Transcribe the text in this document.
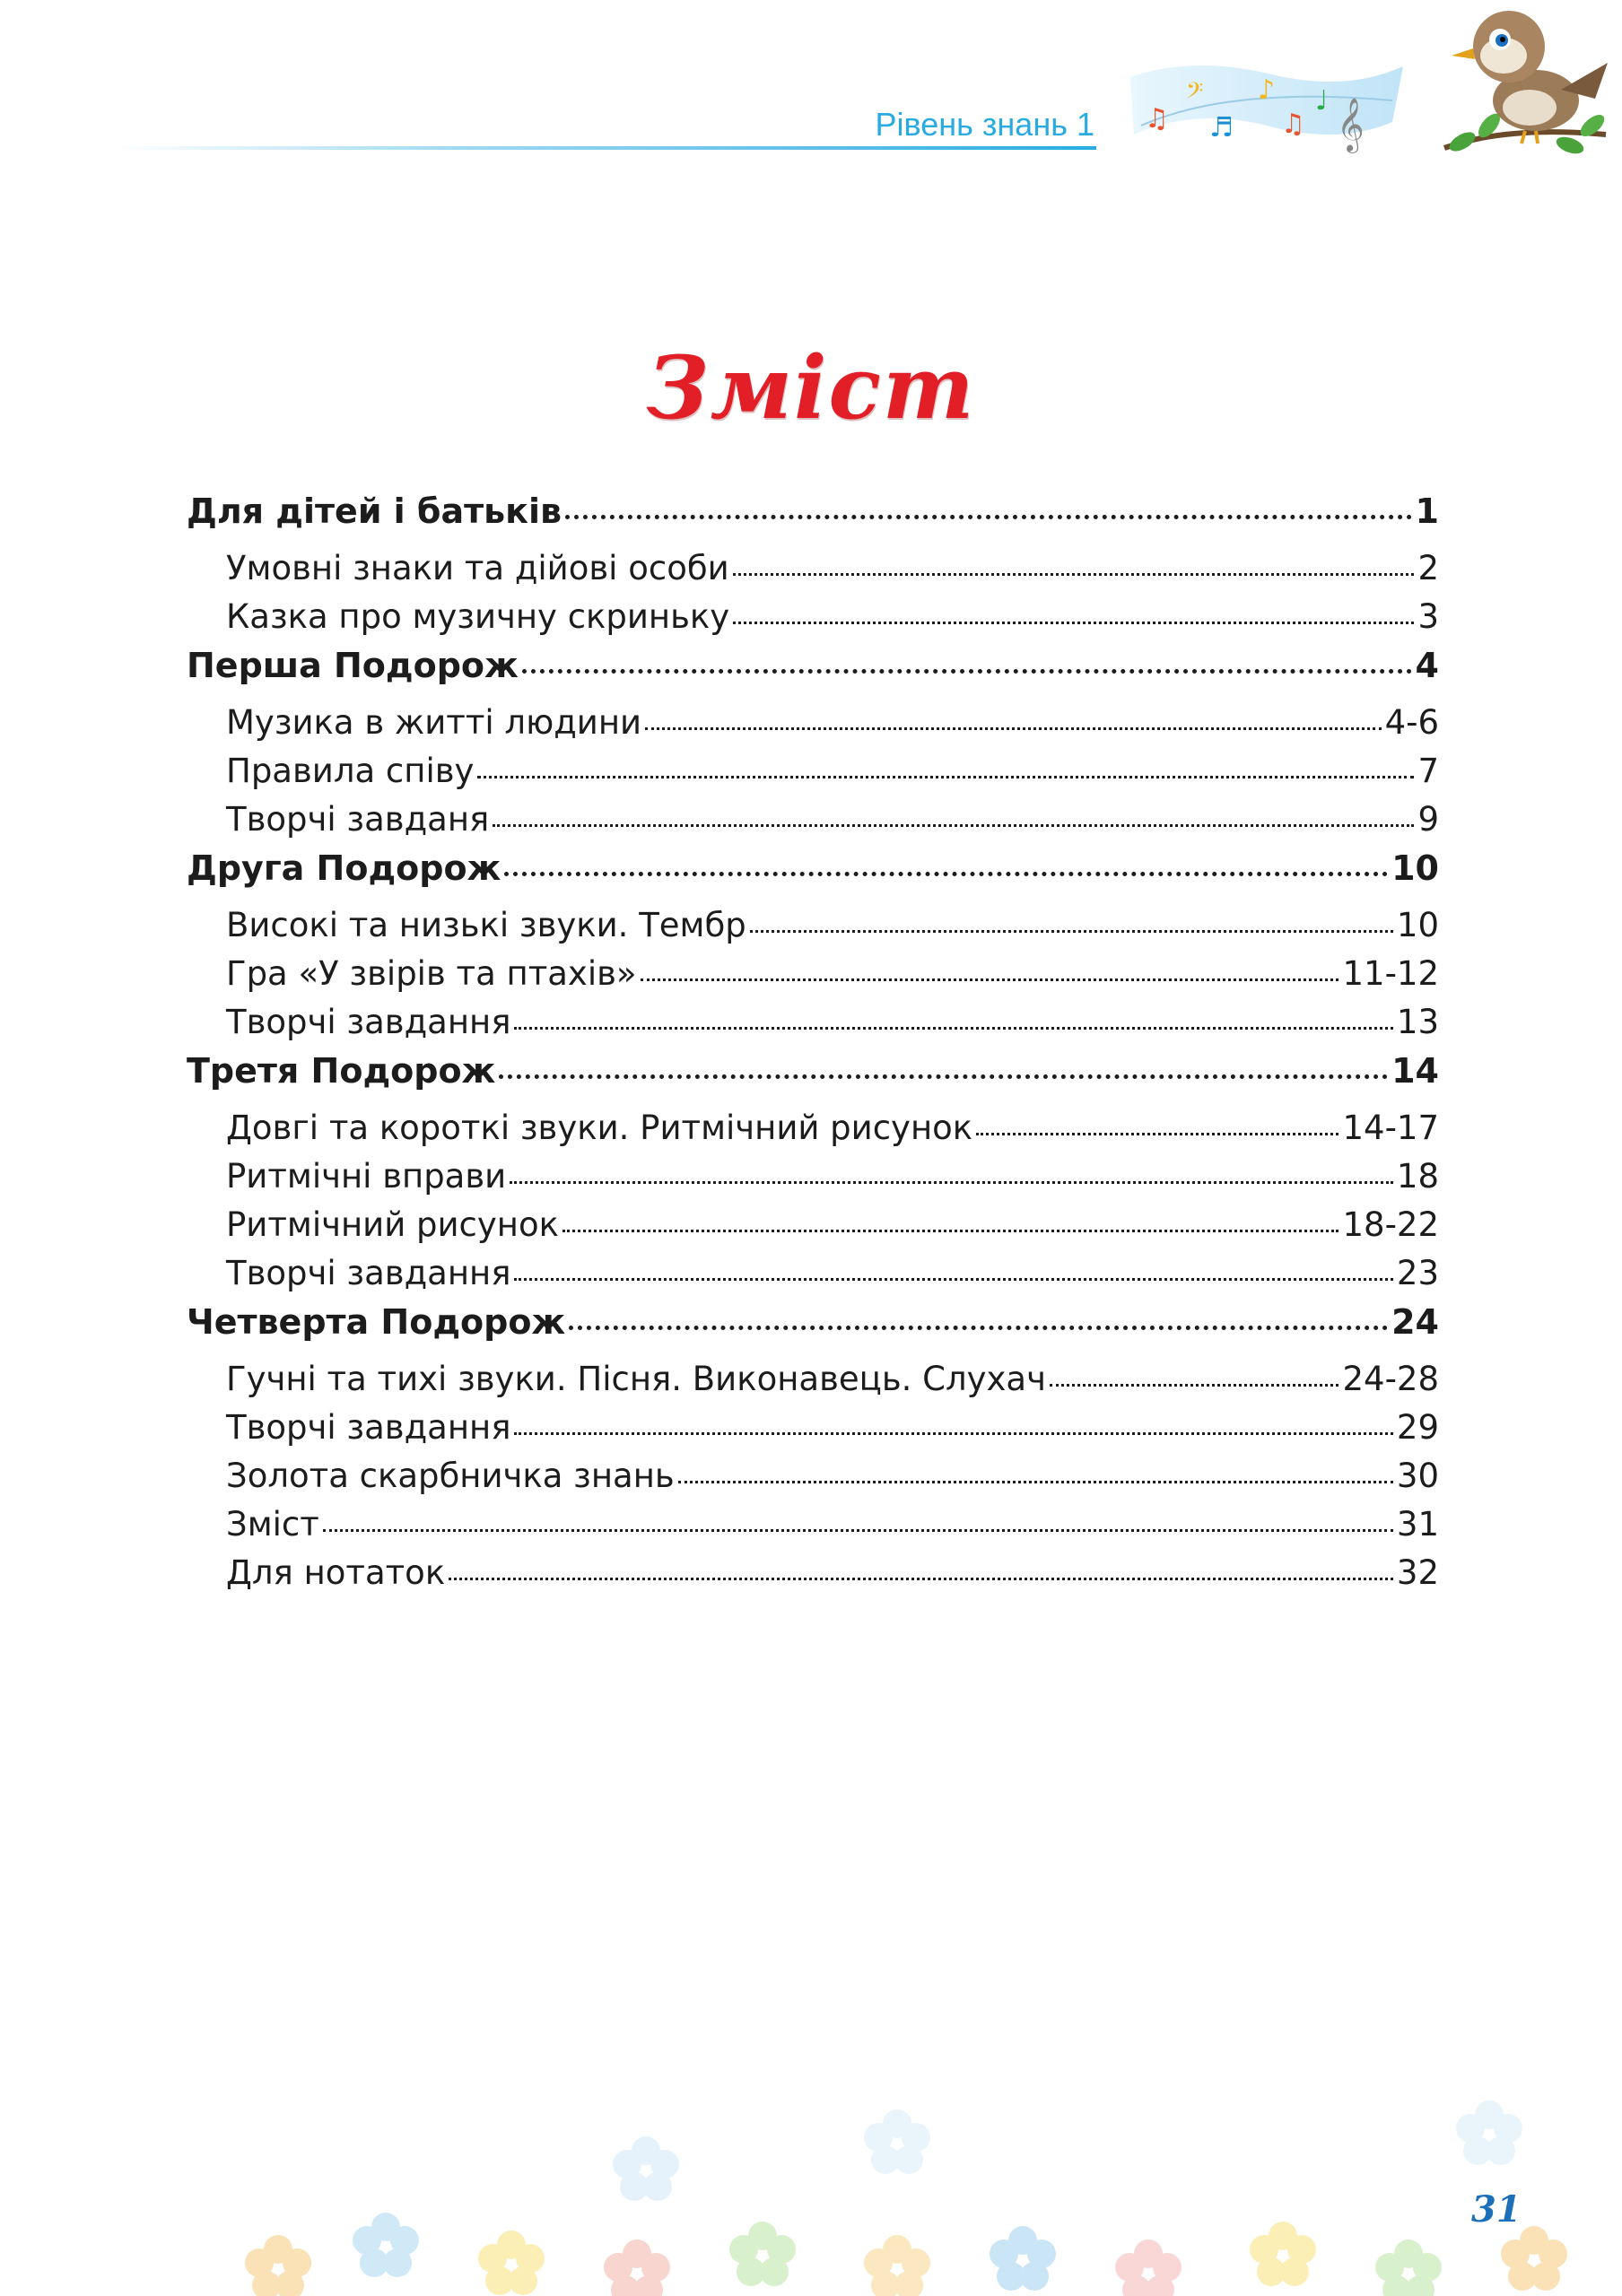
Рівень знань 1 ♫
𝄢
♬
♪
♫
♩ 𝄞
Зміст
Для дітей і батьків	1
Умовні знаки та дійові особи	2
Казка про музичну скриньку	3
Перша Подорож	4
Музика в житті людини	4-6
Правила співу	7
Творчі завданя	9
Друга Подорож	10
Високі та низькі звуки. Тембр	10
Гра «У звірів та птахів»	11-12
Творчі завдання	13
Третя Подорож	14
Довгі та короткі звуки. Ритмічний рисунок	14-17
Ритмічні вправи	18
Ритмічний рисунок	18-22
Творчі завдання	23
Четверта Подорож	24
Гучні та тихі звуки. Пісня. Виконавець. Слухач	24-28
Творчі завдання	29
Золота скарбничка знань	30
Зміст	31
Для нотаток	32
31
